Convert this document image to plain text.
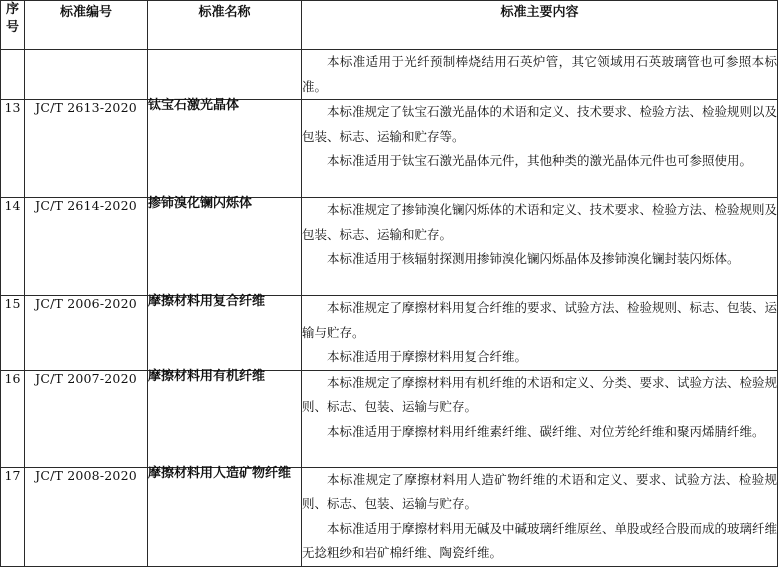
序
号	标准编号	标准名称	标准主要内容

			本标准适用于光纤预制棒烧结用石英炉管，其它领域用石英玻璃管也可参照本标准。

13	JC/T 2613-2020	钛宝石激光晶体	本标准规定了钛宝石激光晶体的术语和定义、技术要求、检验方法、检验规则以及包装、标志、运输和贮存等。

本标准适用于钛宝石激光晶体元件，其他种类的激光晶体元件也可参照使用。

14	JC/T 2614-2020	掺铈溴化镧闪烁体	本标准规定了掺铈溴化镧闪烁体的术语和定义、技术要求、检验方法、检验规则及包装、标志、运输和贮存。

本标准适用于核辐射探测用掺铈溴化镧闪烁晶体及掺铈溴化镧封装闪烁体。

15	JC/T 2006-2020	摩擦材料用复合纤维	本标准规定了摩擦材料用复合纤维的要求、试验方法、检验规则、标志、包装、运输与贮存。

本标准适用于摩擦材料用复合纤维。

16	JC/T 2007-2020	摩擦材料用有机纤维	本标准规定了摩擦材料用有机纤维的术语和定义、分类、要求、试验方法、检验规则、标志、包装、运输与贮存。

本标准适用于摩擦材料用纤维素纤维、碳纤维、对位芳纶纤维和聚丙烯腈纤维。

17	JC/T 2008-2020	摩擦材料用人造矿物纤维	本标准规定了摩擦材料用人造矿物纤维的术语和定义、要求、试验方法、检验规则、标志、包装、运输与贮存。

本标准适用于摩擦材料用无碱及中碱玻璃纤维原丝、单股或经合股而成的玻璃纤维无捻粗纱和岩矿棉纤维、陶瓷纤维。
